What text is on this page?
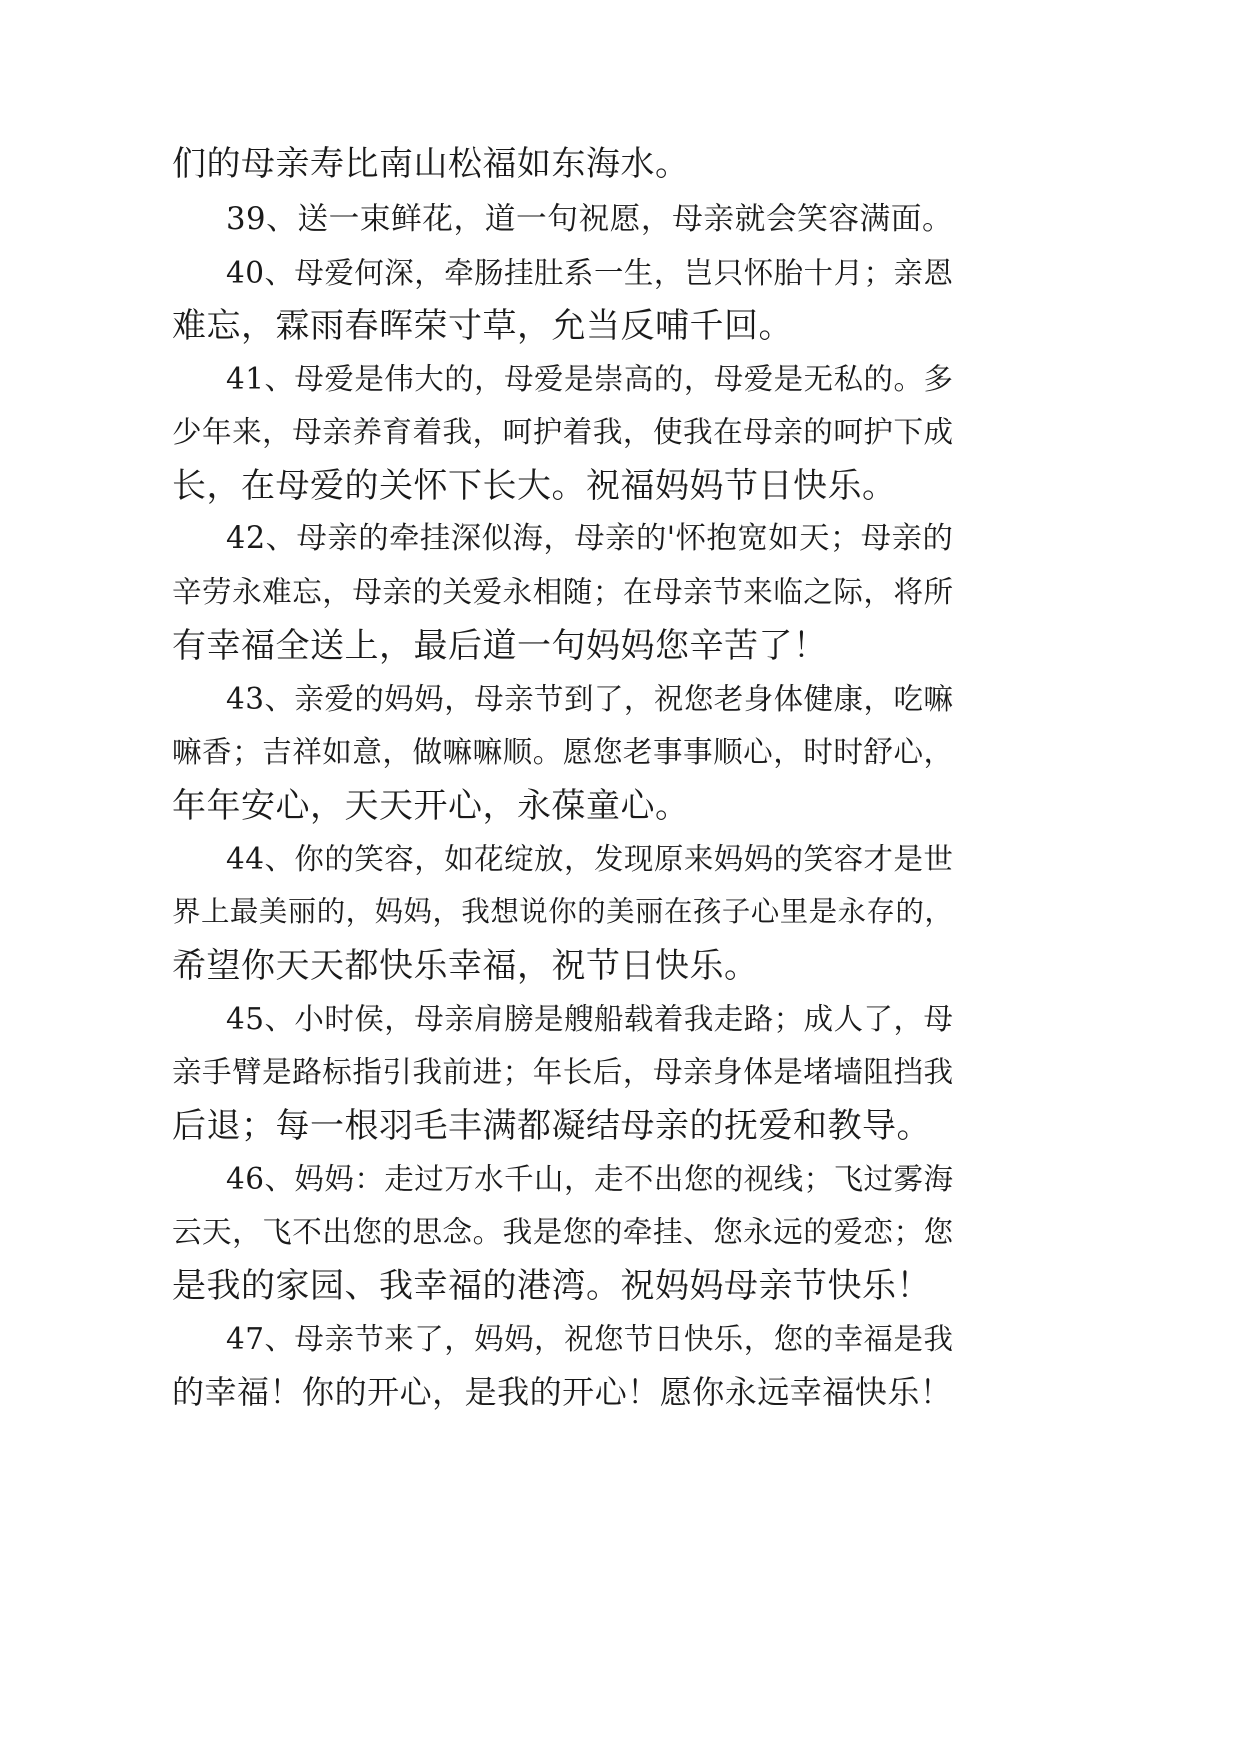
们的母亲寿比南山松福如东海水。

39、送一束鲜花，道一句祝愿，母亲就会笑容满面。

40、母爱何深，牵肠挂肚系一生，岂只怀胎十月；亲恩

难忘，霖雨春晖荣寸草，允当反哺千回。

41、母爱是伟大的，母爱是崇高的，母爱是无私的。多

少年来，母亲养育着我，呵护着我，使我在母亲的呵护下成

长，在母爱的关怀下长大。祝福妈妈节日快乐。

42、母亲的牵挂深似海，母亲的'怀抱宽如天；母亲的

辛劳永难忘，母亲的关爱永相随；在母亲节来临之际，将所

有幸福全送上，最后道一句妈妈您辛苦了！

43、亲爱的妈妈，母亲节到了，祝您老身体健康，吃嘛

嘛香；吉祥如意，做嘛嘛顺。愿您老事事顺心，时时舒心，

年年安心，天天开心，永葆童心。

44、你的笑容，如花绽放，发现原来妈妈的笑容才是世

界上最美丽的，妈妈，我想说你的美丽在孩子心里是永存的，

希望你天天都快乐幸福，祝节日快乐。

45、小时侯，母亲肩膀是艘船载着我走路；成人了，母

亲手臂是路标指引我前进；年长后，母亲身体是堵墙阻挡我

后退；每一根羽毛丰满都凝结母亲的抚爱和教导。

46、妈妈：走过万水千山，走不出您的视线；飞过雾海

云天，飞不出您的思念。我是您的牵挂、您永远的爱恋；您

是我的家园、我幸福的港湾。祝妈妈母亲节快乐！

47、母亲节来了，妈妈，祝您节日快乐，您的幸福是我

的幸福！你的开心，是我的开心！愿你永远幸福快乐！
